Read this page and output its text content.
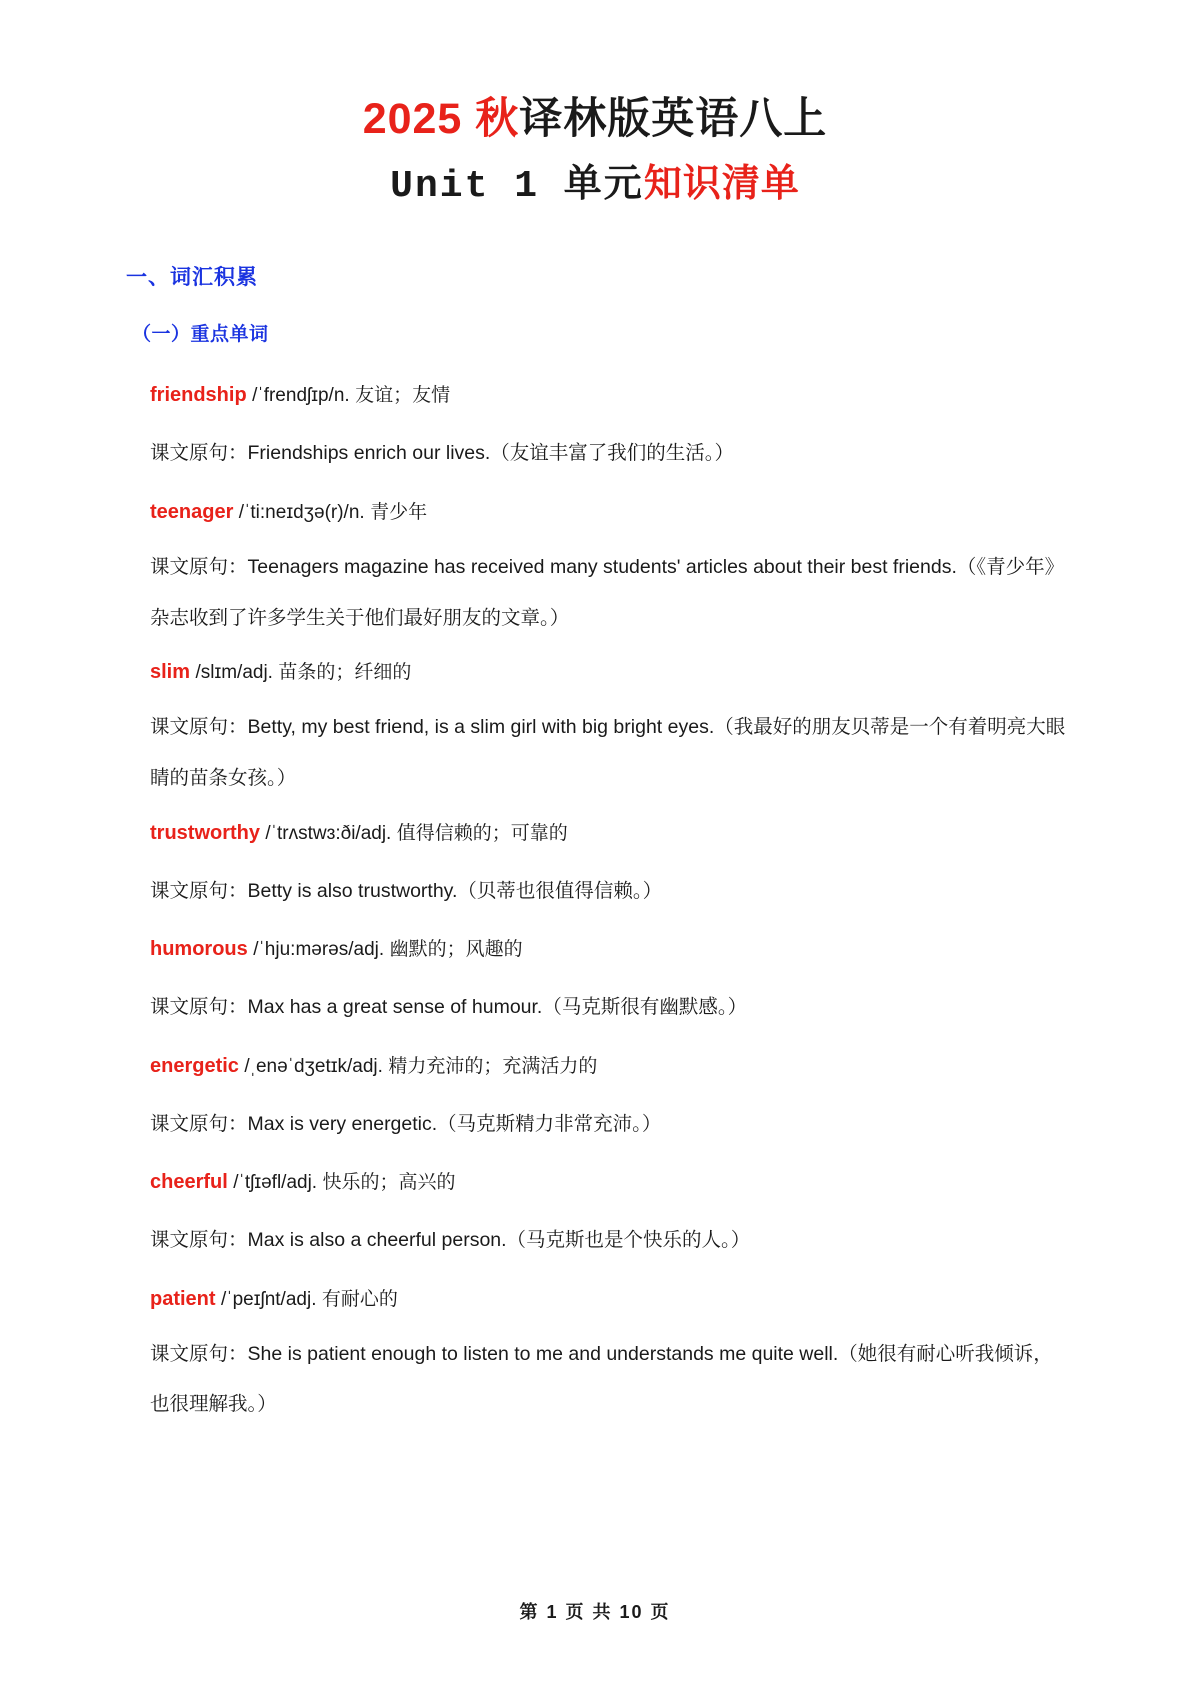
2025 秋译林版英语八上
Unit 1 单元知识清单
一、词汇积累
（一）重点单词
friendship /ˈfrendʃɪp/n. 友谊；友情
课文原句：Friendships enrich our lives.（友谊丰富了我们的生活。）
teenager /ˈti:neɪdʒə(r)/n. 青少年
课文原句：Teenagers magazine has received many students' articles about their best friends.（《青少年》杂志收到了许多学生关于他们最好朋友的文章。）
slim /slɪm/adj. 苗条的；纤细的
课文原句：Betty, my best friend, is a slim girl with big bright eyes.（我最好的朋友贝蒂是一个有着明亮大眼睛的苗条女孩。）
trustworthy /ˈtrʌstwɜ:ði/adj. 值得信赖的；可靠的
课文原句：Betty is also trustworthy.（贝蒂也很值得信赖。）
humorous /ˈhju:mərəs/adj. 幽默的；风趣的
课文原句：Max has a great sense of humour.（马克斯很有幽默感。）
energetic /ˌenəˈdʒetɪk/adj. 精力充沛的；充满活力的
课文原句：Max is very energetic.（马克斯精力非常充沛。）
cheerful /ˈtʃɪəfl/adj. 快乐的；高兴的
课文原句：Max is also a cheerful person.（马克斯也是个快乐的人。）
patient /ˈpeɪʃnt/adj. 有耐心的
课文原句：She is patient enough to listen to me and understands me quite well.（她很有耐心听我倾诉，也很理解我。）
第 1 页 共 10 页
